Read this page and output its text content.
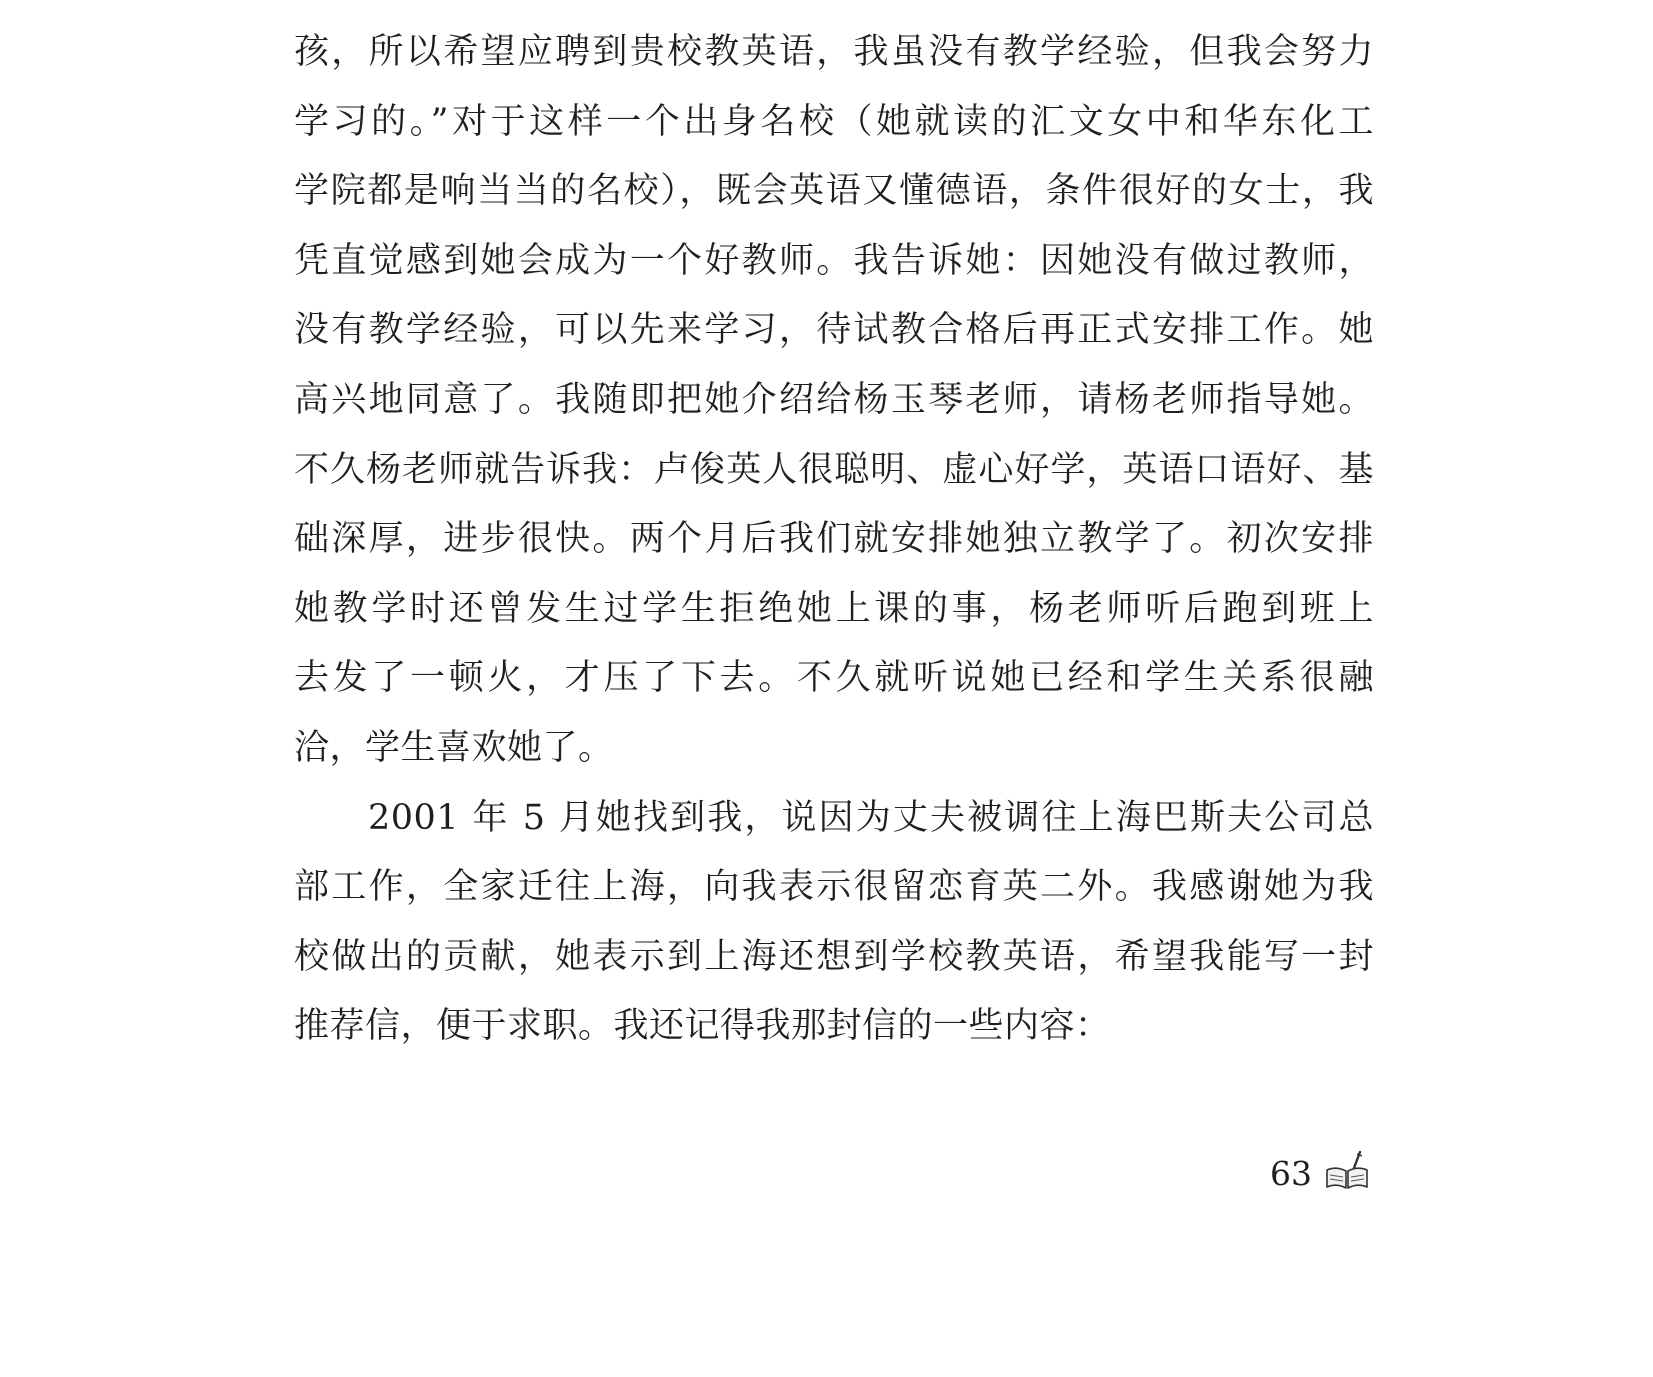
孩，所以希望应聘到贵校教英语，我虽没有教学经验，但我会努力
学习的。”对于这样一个出身名校（她就读的汇文女中和华东化工
学院都是响当当的名校），既会英语又懂德语，条件很好的女士，我
凭直觉感到她会成为一个好教师。我告诉她：因她没有做过教师，
没有教学经验，可以先来学习，待试教合格后再正式安排工作。她
高兴地同意了。我随即把她介绍给杨玉琴老师，请杨老师指导她。
不久杨老师就告诉我：卢俊英人很聪明、虚心好学，英语口语好、基
础深厚，进步很快。两个月后我们就安排她独立教学了。初次安排
她教学时还曾发生过学生拒绝她上课的事，杨老师听后跑到班上
去发了一顿火，才压了下去。不久就听说她已经和学生关系很融
洽，学生喜欢她了。
2001 年 5 月她找到我，说因为丈夫被调往上海巴斯夫公司总
部工作，全家迁往上海，向我表示很留恋育英二外。我感谢她为我
校做出的贡献，她表示到上海还想到学校教英语，希望我能写一封
推荐信，便于求职。我还记得我那封信的一些内容：
63
